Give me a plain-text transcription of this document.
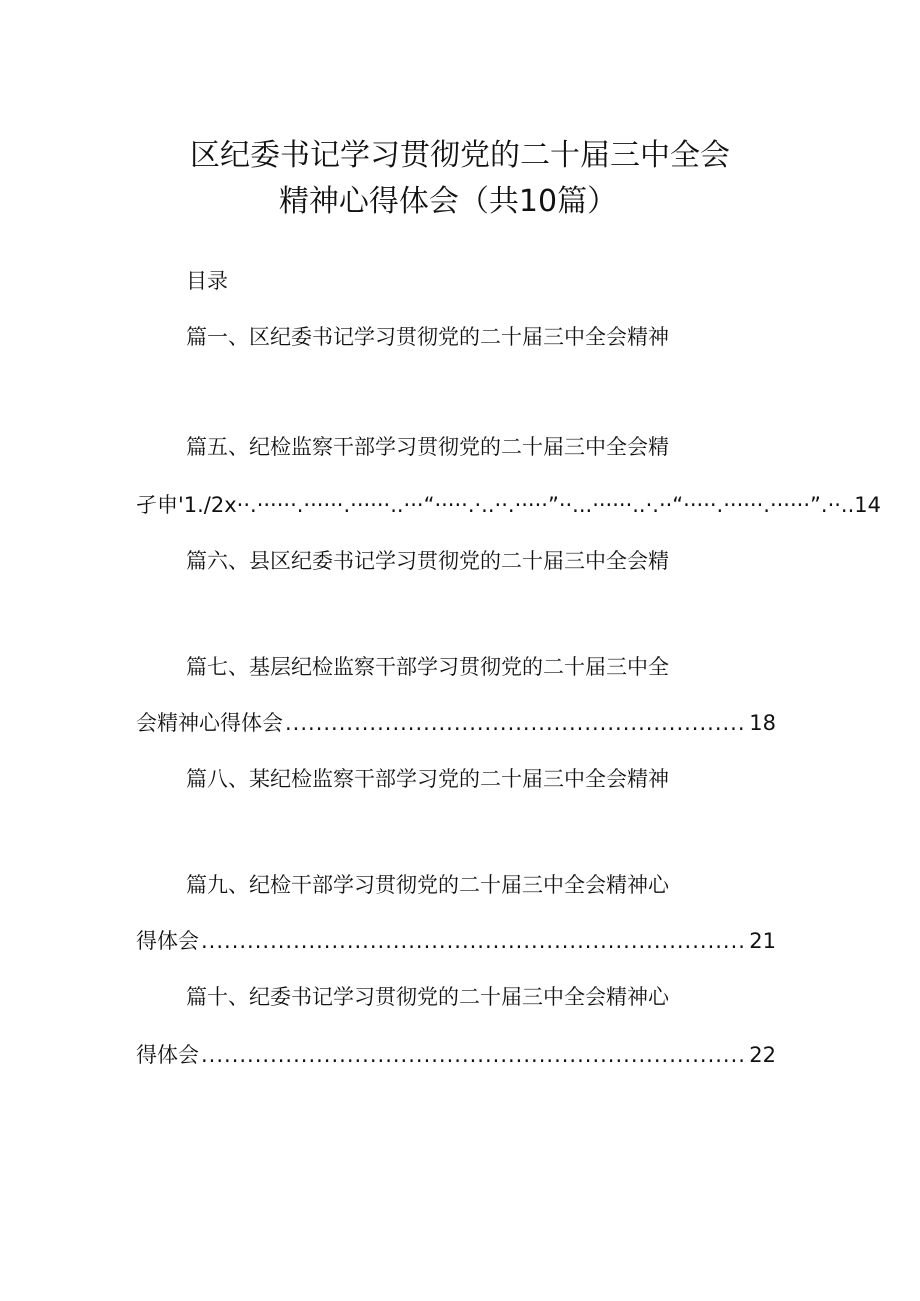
区纪委书记学习贯彻党的二十届三中全会
精神心得体会（共10篇）
目录
篇一、区纪委书记学习贯彻党的二十届三中全会精神
篇五、纪检监察干部学习贯彻党的二十届三中全会精
孑申'1./2x··.······.······.······..···“·····.·..··.·····”··...······..·.··“·····.······.······”.··..14
篇六、县区纪委书记学习贯彻党的二十届三中全会精
篇七、基层纪检监察干部学习贯彻党的二十届三中全
会精神心得体会 .....	18
篇八、某纪检监察干部学习党的二十届三中全会精神
篇九、纪检干部学习贯彻党的二十届三中全会精神心
得体会 .....	21
篇十、纪委书记学习贯彻党的二十届三中全会精神心
得体会 .....	22
